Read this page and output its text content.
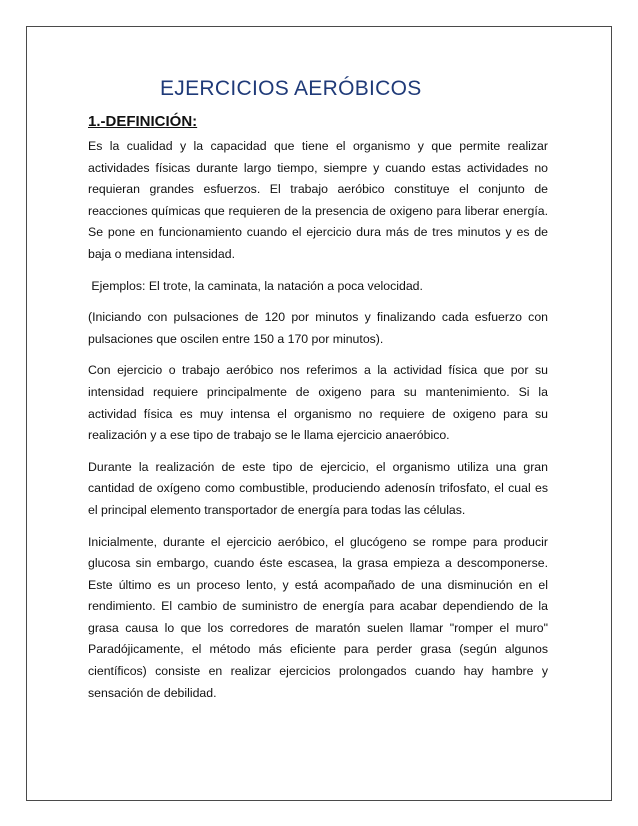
EJERCICIOS AERÓBICOS
1.-DEFINICIÓN:

Es la cualidad y la capacidad que tiene el organismo y que permite realizar actividades físicas durante largo tiempo, siempre y cuando estas actividades no requieran grandes esfuerzos. El trabajo aeróbico constituye el conjunto de reacciones químicas que requieren de la presencia de oxigeno para liberar energía. Se pone en funcionamiento cuando el ejercicio dura más de tres minutos y es de baja o mediana intensidad.

Ejemplos: El trote, la caminata, la natación a poca velocidad.

(Iniciando con pulsaciones de 120 por minutos y finalizando cada esfuerzo con pulsaciones que oscilen entre 150 a 170 por minutos).

Con ejercicio o trabajo aeróbico nos referimos a la actividad física que por su intensidad requiere principalmente de oxigeno para su mantenimiento. Si la actividad física es muy intensa el organismo no requiere de oxigeno para su realización y a ese tipo de trabajo se le llama ejercicio anaeróbico.

Durante la realización de este tipo de ejercicio, el organismo utiliza una gran cantidad de oxígeno como combustible, produciendo adenosín trifosfato, el cual es el principal elemento transportador de energía para todas las células.

Inicialmente, durante el ejercicio aeróbico, el glucógeno se rompe para producir glucosa sin embargo, cuando éste escasea, la grasa empieza a descomponerse. Este último es un proceso lento, y está acompañado de una disminución en el rendimiento. El cambio de suministro de energía para acabar dependiendo de la grasa causa lo que los corredores de maratón suelen llamar "romper el muro" Paradójicamente, el método más eficiente para perder grasa (según algunos científicos) consiste en realizar ejercicios prolongados cuando hay hambre y sensación de debilidad.
